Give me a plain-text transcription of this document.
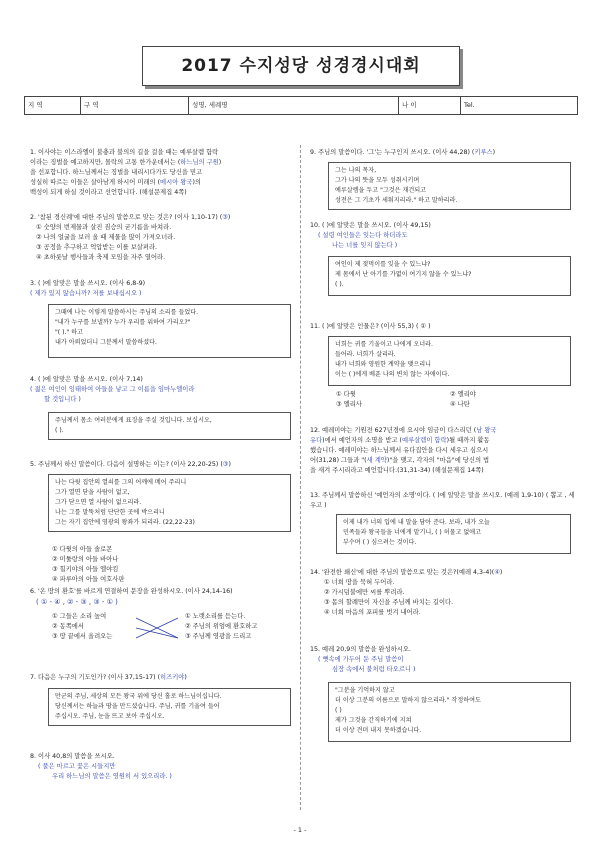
2017 수지성당 성경경시대회
지 역	구 역	성명, 세례명	나 이	Tel.

1. 이사야는 이스라엘이 불충과 불의의 길을 걸을 때는 예루살렘 함락

이라는 징벌을 예고하지만, 몰락의 고통 한가운데서는 (하느님의 구원)

을 선포합니다. 하느님께서는 징벌을 내리시다가도 당신을 믿고

성실히 따르는 이들은 살아남게 하시어 미래의 (메시아 왕국)의

백성이 되게 하실 것이라고 선언합니다. (해설문제집 4쪽)

2. '참된 경신례'에 대한 주님의 말씀으로 맞는 것은? (이사 1,10-17) (③)

① 숫양의 번제물과 살진 짐승의 굳기름을 바쳐라.

② 나의 얼굴을 보러 올 때 제물을 많이 가져오너라.

③ 공정을 추구하고 억압받는 이를 보살펴라.

④ 초하룻날 행사들과 축제 모임을 자주 열어라.

3. ( )에 알맞은 말을 쓰시오. (이사 6,8-9)

( 제가 있지 않습니까? 저를 보내십시오 )

그때에 나는 이렇게 말씀하시는 주님의 소리를 들었다.

"내가 누구를 보낼까? 누가 우리를 위하여 가리오?"

"( )." 하고

내가 아뢰었더니 그분께서 말씀하셨다.

4. ( )에 알맞은 말을 쓰시오. (이사 7,14)

( 젊은 여인이 잉태하여 아들을 낳고 그 이름을 임마누엘이라

할 것입니다 )

주님께서 몸소 여러분에게 표징을 주실 것입니다. 보십시오,

( ).

5. 주님께서 하신 말씀이다. 다음이 설명하는 이는? (이사 22,20-25) (③)

나는 다윗 집안의 열쇠를 그의 어깨에 메어 주리니

그가 열면 닫을 사람이 없고,

그가 닫으면 열 사람이 없으리라.

나는 그를 말뚝처럼 단단한 곳에 박으리니

그는 자기 집안에 영광의 왕좌가 되리라. (22,22-23)

① 다윗의 아들 솔로몬

② 미툴랑의 아들 바아나

③ 힐키야의 아들 엘야킴

④ 파루아의 아들 여호사판

6. '온 땅의 환호'를 바르게 연결하여 문장을 완성하시오. (이사 24,14-16)

( ① - ④ , ② - ③ , ③ - ① )

① 그들은 소리 높여

② 동쪽에서

③ 땅 끝에서 올려오는

① 노랫소리를 듣는다.

② 주님의 위엄에 환호하고

③ 주님께 영광을 드리고

7. 다음은 누구의 기도인가? (이사 37,15-17) (히즈키야)

만군의 주님, 세상의 모든 왕국 위에 당신 홀로 하느님이십니다.

당신께서는 하늘과 땅을 만드셨습니다. 주님, 귀를 기울여 들어

주십시오. 주님, 눈을 뜨고 보아 주십시오.

8. 이사 40,8의 말씀을 쓰시오.

( 풀은 마르고 꽃은 시들지만

우리 하느님의 말씀은 영원히 서 있으리라. )

9. 주님의 말씀이다. '그'는 누구인지 쓰시오. (이사 44,28) (키루스)

그는 나의 목자,

그가 나의 뜻을 모두 성취시키며

예루살렘을 두고 "그것은 재건되고

성전은 그 기초가 세워지리라." 하고 말하리라.

10. ( )에 알맞은 말을 쓰시오. (이사 49,15)

( 설령 여인들은 잊는다 하더라도

나는 너를 잊지 않는다 )

여인이 제 젖먹이를 잊을 수 있느냐?

제 몸에서 난 아기를 가엾이 여기지 않을 수 있느냐?

( ).

11. ( )에 알맞은 인물은? (이사 55,3) ( ① )

너희는 귀를 기울이고 나에게 오너라.

들어라. 너희가 살리라.

내가 너희와 영원한 계약을 맺으리니

이는 ( )에게 베푼 나의 변치 않는 자애이다.

① 다윗

③ 엘리사

② 엘리야

④ 나탄

12. 예레미야는 기원전 627년경에 요시야 임금이 다스리던 (남 왕국

유다)에서 예언자의 소명을 받고 (예루살렘이 함락)될 때까지 활동

했습니다. 예레미야는 하느님께서 유다집안을 다시 세우고 심으시

어(31,28) 그들과 "(새 계약)"을 맺고, 각자의 "마음"에 당신의 법

을 새겨 주시리라고 예언합니다.(31,31-34) (해설문제집 14쪽)

13. 주님께서 말씀하신 '예언자의 소명'이다. ( )에 알맞은 말을 쓰시오. (예레 1,9-10) ( 뽑고 , 세우고 )

이제 내가 너의 입에 내 말을 담아 준다. 보라, 내가 오늘

민족들과 왕국들을 너에게 맡기니, ( ) 허물고 없애고

부수며 ( ) 심으려는 것이다.

14. '완전한 쇄신'에 대한 주님의 말씀으로 맞는 것은?(예레 4,3-4)(④)

① 너희 땅을 묵혀 두어라.

② 가시덤불에만 씨를 뿌려라.

③ 몸의 할례만이 자신을 주님께 바치는 길이다.

④ 너희 마음의 포피를 벗겨 내어라.

15. 예레 20,9의 말씀을 완성하시오.

( 뼛속에 가두어 둔 주님 말씀이

심장 속에서 불처럼 타오르니 )

"그분을 기억하지 않고

더 이상 그분의 이름으로 말하지 않으리라." 작정하여도

( )

제가 그것을 간직하기에 지쳐

더 이상 견뎌 내지 못하겠습니다.

- 1 -
